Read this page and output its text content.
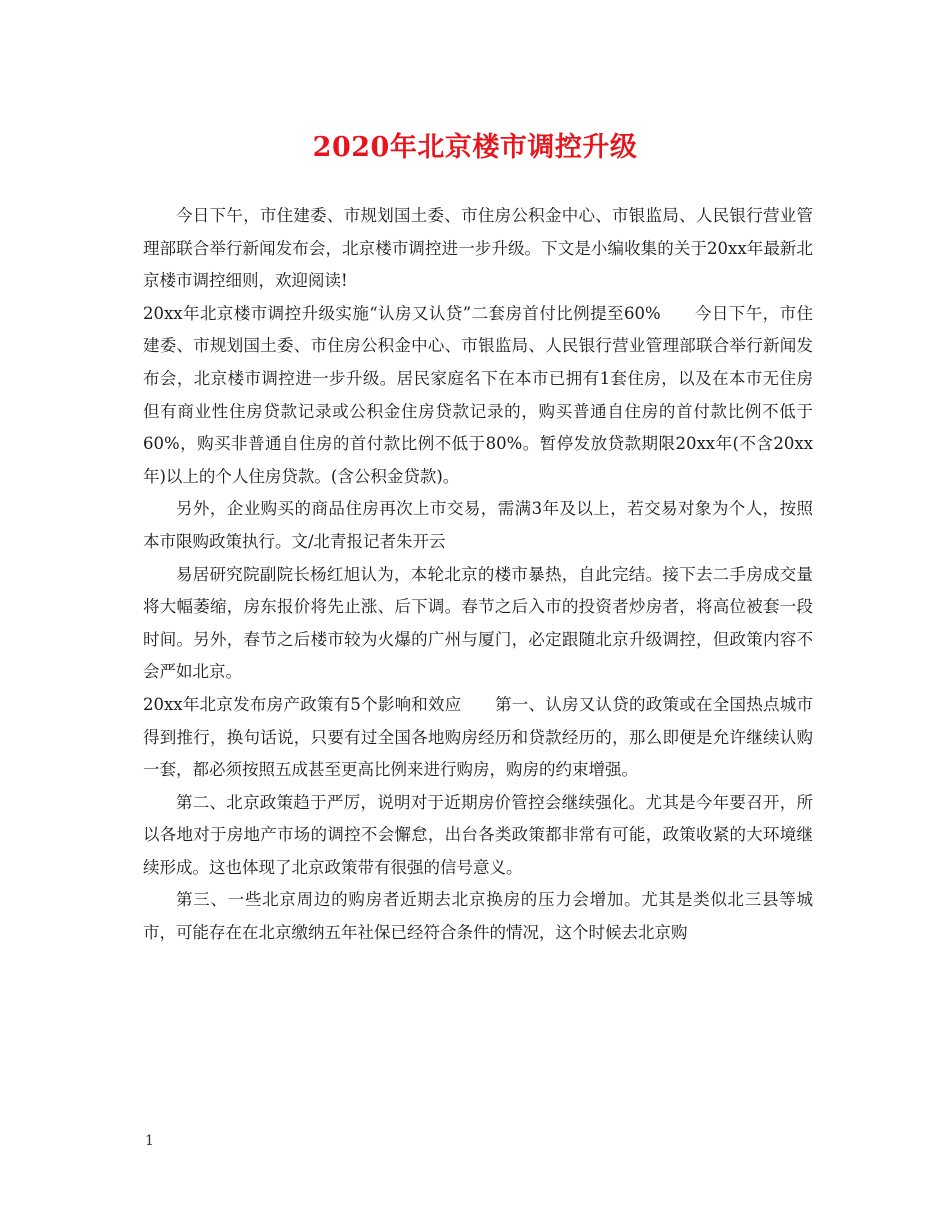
2020年北京楼市调控升级

今日下午，市住建委、市规划国土委、市住房公积金中心、市银监局、人民银行营业管理部联合举行新闻发布会，北京楼市调控进一步升级。下文是小编收集的关于20xx年最新北京楼市调控细则，欢迎阅读!

20xx年北京楼市调控升级实施“认房又认贷”二套房首付比例提至60%　　今日下午，市住建委、市规划国土委、市住房公积金中心、市银监局、人民银行营业管理部联合举行新闻发布会，北京楼市调控进一步升级。居民家庭名下在本市已拥有1套住房，以及在本市无住房但有商业性住房贷款记录或公积金住房贷款记录的，购买普通自住房的首付款比例不低于60%，购买非普通自住房的首付款比例不低于80%。暂停发放贷款期限20xx年(不含20xx年)以上的个人住房贷款。(含公积金贷款)。

另外，企业购买的商品住房再次上市交易，需满3年及以上，若交易对象为个人，按照本市限购政策执行。文/北青报记者朱开云

易居研究院副院长杨红旭认为，本轮北京的楼市暴热，自此完结。接下去二手房成交量将大幅萎缩，房东报价将先止涨、后下调。春节之后入市的投资者炒房者，将高位被套一段时间。另外，春节之后楼市较为火爆的广州与厦门，必定跟随北京升级调控，但政策内容不会严如北京。

20xx年北京发布房产政策有5个影响和效应　　第一、认房又认贷的政策或在全国热点城市得到推行，换句话说，只要有过全国各地购房经历和贷款经历的，那么即便是允许继续认购一套，都必须按照五成甚至更高比例来进行购房，购房的约束增强。

第二、北京政策趋于严厉，说明对于近期房价管控会继续强化。尤其是今年要召开，所以各地对于房地产市场的调控不会懈怠，出台各类政策都非常有可能，政策收紧的大环境继续形成。这也体现了北京政策带有很强的信号意义。

第三、一些北京周边的购房者近期去北京换房的压力会增加。尤其是类似北三县等城市，可能存在在北京缴纳五年社保已经符合条件的情况，这个时候去北京购

1
